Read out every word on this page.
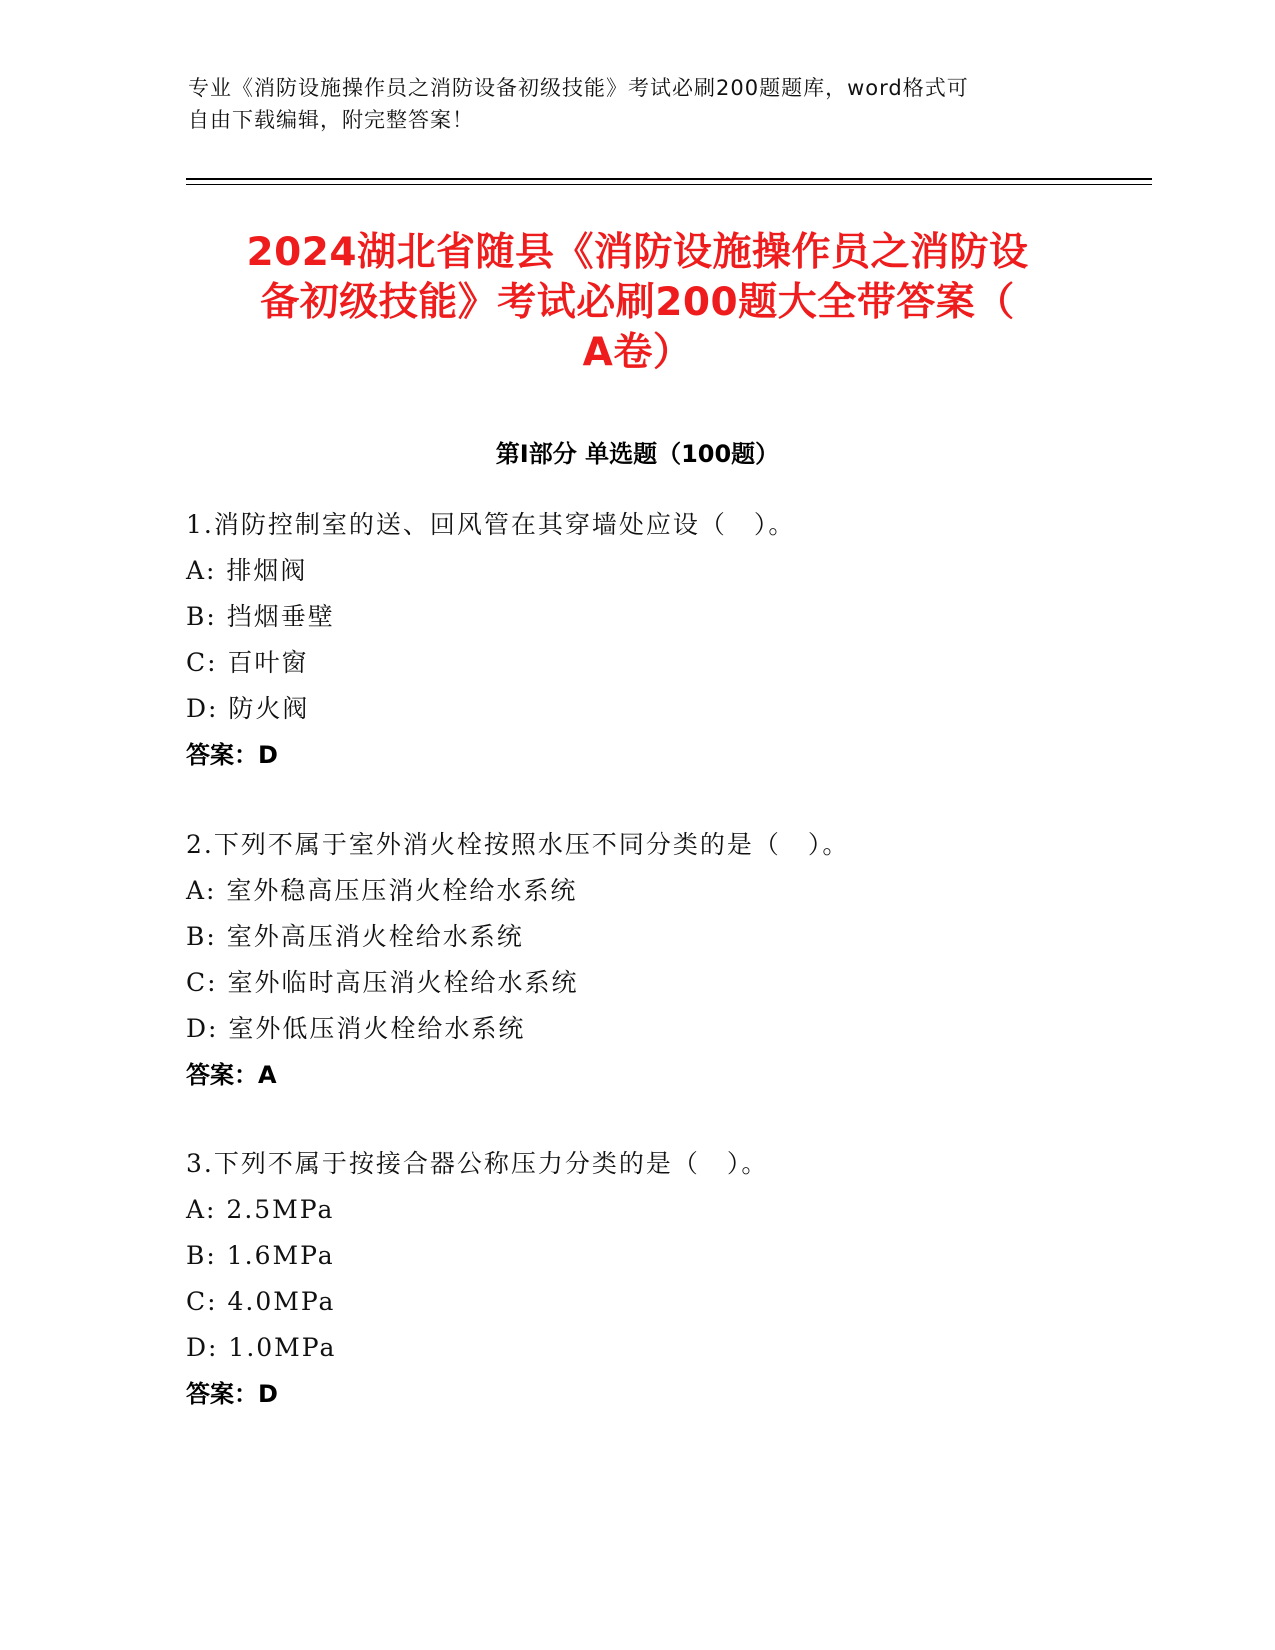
专业《消防设施操作员之消防设备初级技能》考试必刷200题题库，word格式可
自由下载编辑，附完整答案！
2024湖北省随县《消防设施操作员之消防设
备初级技能》考试必刷200题大全带答案（
A卷）
第Ⅰ部分 单选题（100题）
1.消防控制室的送、回风管在其穿墙处应设（　）。
A: 排烟阀
B: 挡烟垂壁
C: 百叶窗
D: 防火阀
答案：D
2.下列不属于室外消火栓按照水压不同分类的是（　）。
A: 室外稳高压压消火栓给水系统
B: 室外高压消火栓给水系统
C: 室外临时高压消火栓给水系统
D: 室外低压消火栓给水系统
答案：A
3.下列不属于按接合器公称压力分类的是（　）。
A: 2.5MPa
B: 1.6MPa
C: 4.0MPa
D: 1.0MPa
答案：D
